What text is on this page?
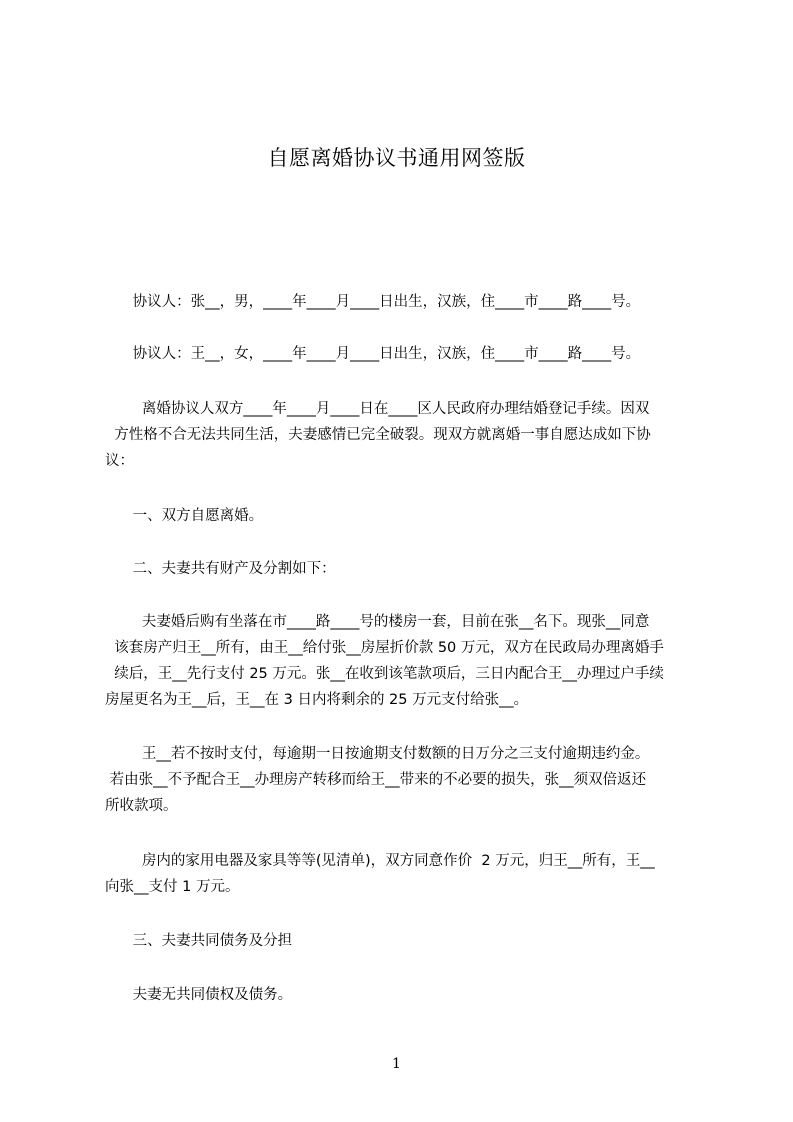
自愿离婚协议书通用网签版
协议人：张__，男，____年____月____日出生，汉族，住____市____路____号。
协议人：王__，女，____年____月____日出生，汉族，住____市____路____号。
离婚协议人双方____年____月____日在____区人民政府办理结婚登记手续。因双
方性格不合无法共同生活，夫妻感情已完全破裂。现双方就离婚一事自愿达成如下协
议：
一、双方自愿离婚。
二、夫妻共有财产及分割如下：
夫妻婚后购有坐落在市____路____号的楼房一套，目前在张__名下。现张__同意
该套房产归王__所有，由王__给付张__房屋折价款 50 万元，双方在民政局办理离婚手
续后，王__先行支付 25 万元。张__在收到该笔款项后，三日内配合王__办理过户手续
房屋更名为王__后，王__在 3 日内将剩余的 25 万元支付给张__。
王__若不按时支付，每逾期一日按逾期支付数额的日万分之三支付逾期违约金。
若由张__不予配合王__办理房产转移而给王__带来的不必要的损失，张__须双倍返还
所收款项。
房内的家用电器及家具等等(见清单)，双方同意作价  2 万元，归王__所有，王__
向张__支付 1 万元。
三、夫妻共同债务及分担
夫妻无共同债权及债务。
1
